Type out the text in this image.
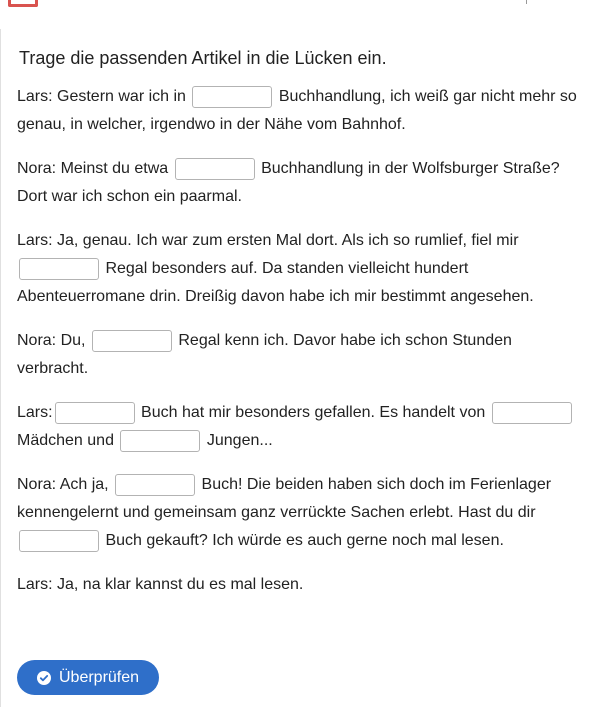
Trage die passenden Artikel in die Lücken ein.

Lars: Gestern war ich in	Buchhandlung, ich weiß gar nicht mehr so genau, in welcher, irgendwo in der Nähe vom Bahnhof.

Nora: Meinst du etwa	Buchhandlung in der Wolfsburger Straße? Dort war ich schon ein paarmal.

Lars: Ja, genau. Ich war zum ersten Mal dort. Als ich so rumlief, fiel mir  Regal besonders auf. Da standen vielleicht hundert Abenteuerromane drin. Dreißig davon habe ich mir bestimmt angesehen.

Nora: Du,	Regal kenn ich. Davor habe ich schon Stunden verbracht.

Lars:	Buch hat mir besonders gefallen. Es handelt von  Mädchen und	Jungen...

Nora: Ach ja,	Buch! Die beiden haben sich doch im Ferienlager kennengelernt und gemeinsam ganz verrückte Sachen erlebt. Hast du dir  Buch gekauft? Ich würde es auch gerne noch mal lesen.

Lars: Ja, na klar kannst du es mal lesen.

Überprüfen
